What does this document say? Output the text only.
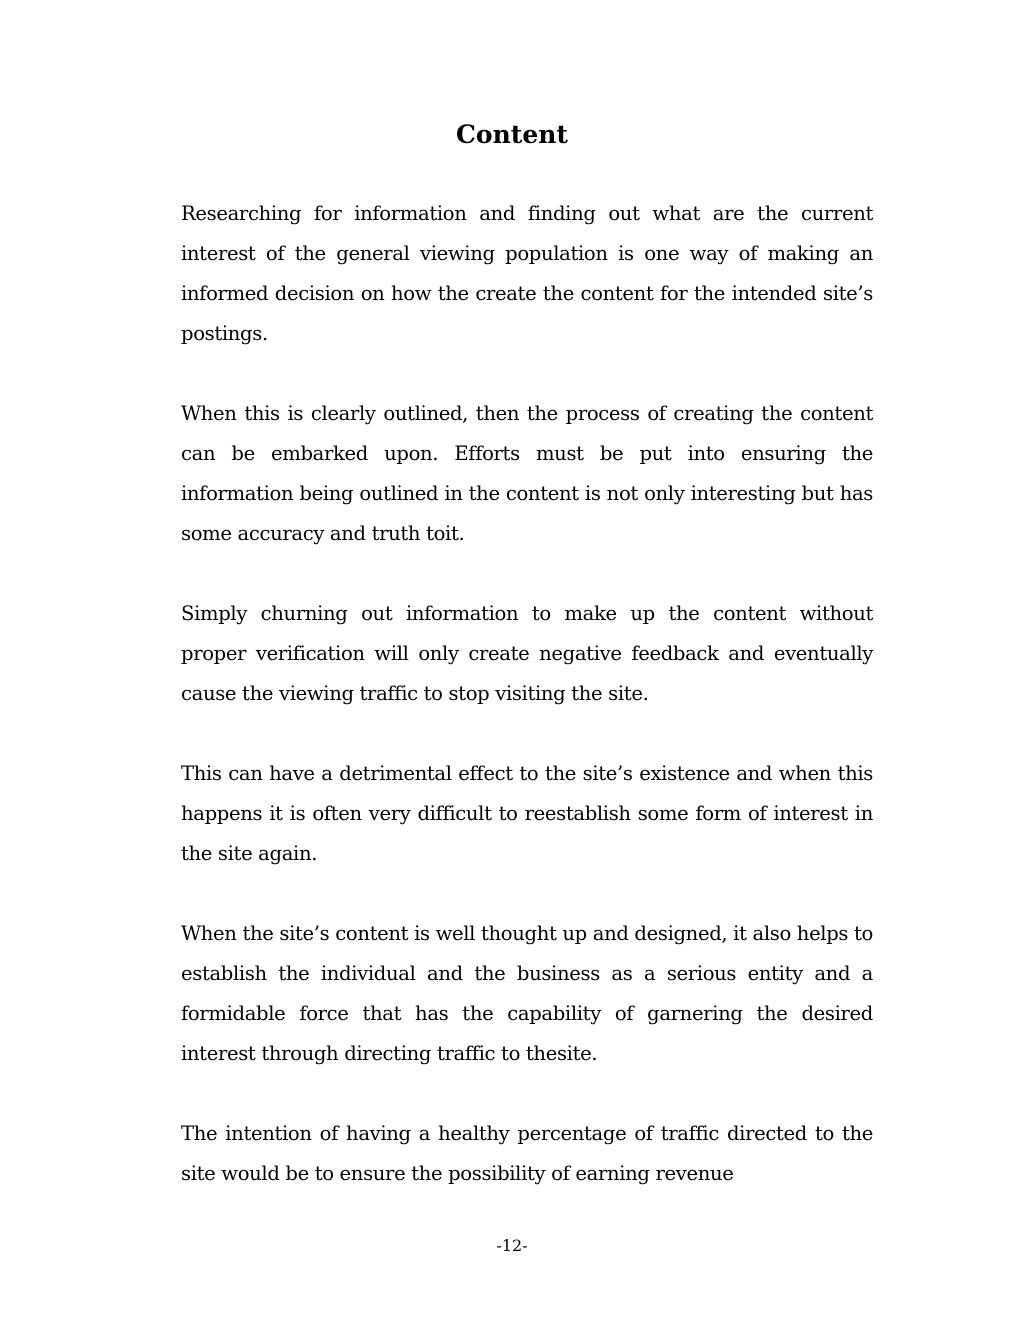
Content

Researching for information and finding out what are the current interest of the general viewing population is one way of making an informed decision on how the create the content for the intended site’s postings.

When this is clearly outlined, then the process of creating the content can be embarked upon. Efforts must be put into ensuring the information being outlined in the content is not only interesting but has some accuracy and truth toit.

Simply churning out information to make up the content without proper verification will only create negative feedback and eventually cause the viewing traffic to stop visiting the site.

This can have a detrimental effect to the site’s existence and when this happens it is often very difficult to reestablish some form of interest in the site again.

When the site’s content is well thought up and designed, it also helps to establish the individual and the business as a serious entity and a formidable force that has the capability of garnering the desired interest through directing traffic to thesite.

The intention of having a healthy percentage of traffic directed to the site would be to ensure the possibility of earning revenue

-12-
